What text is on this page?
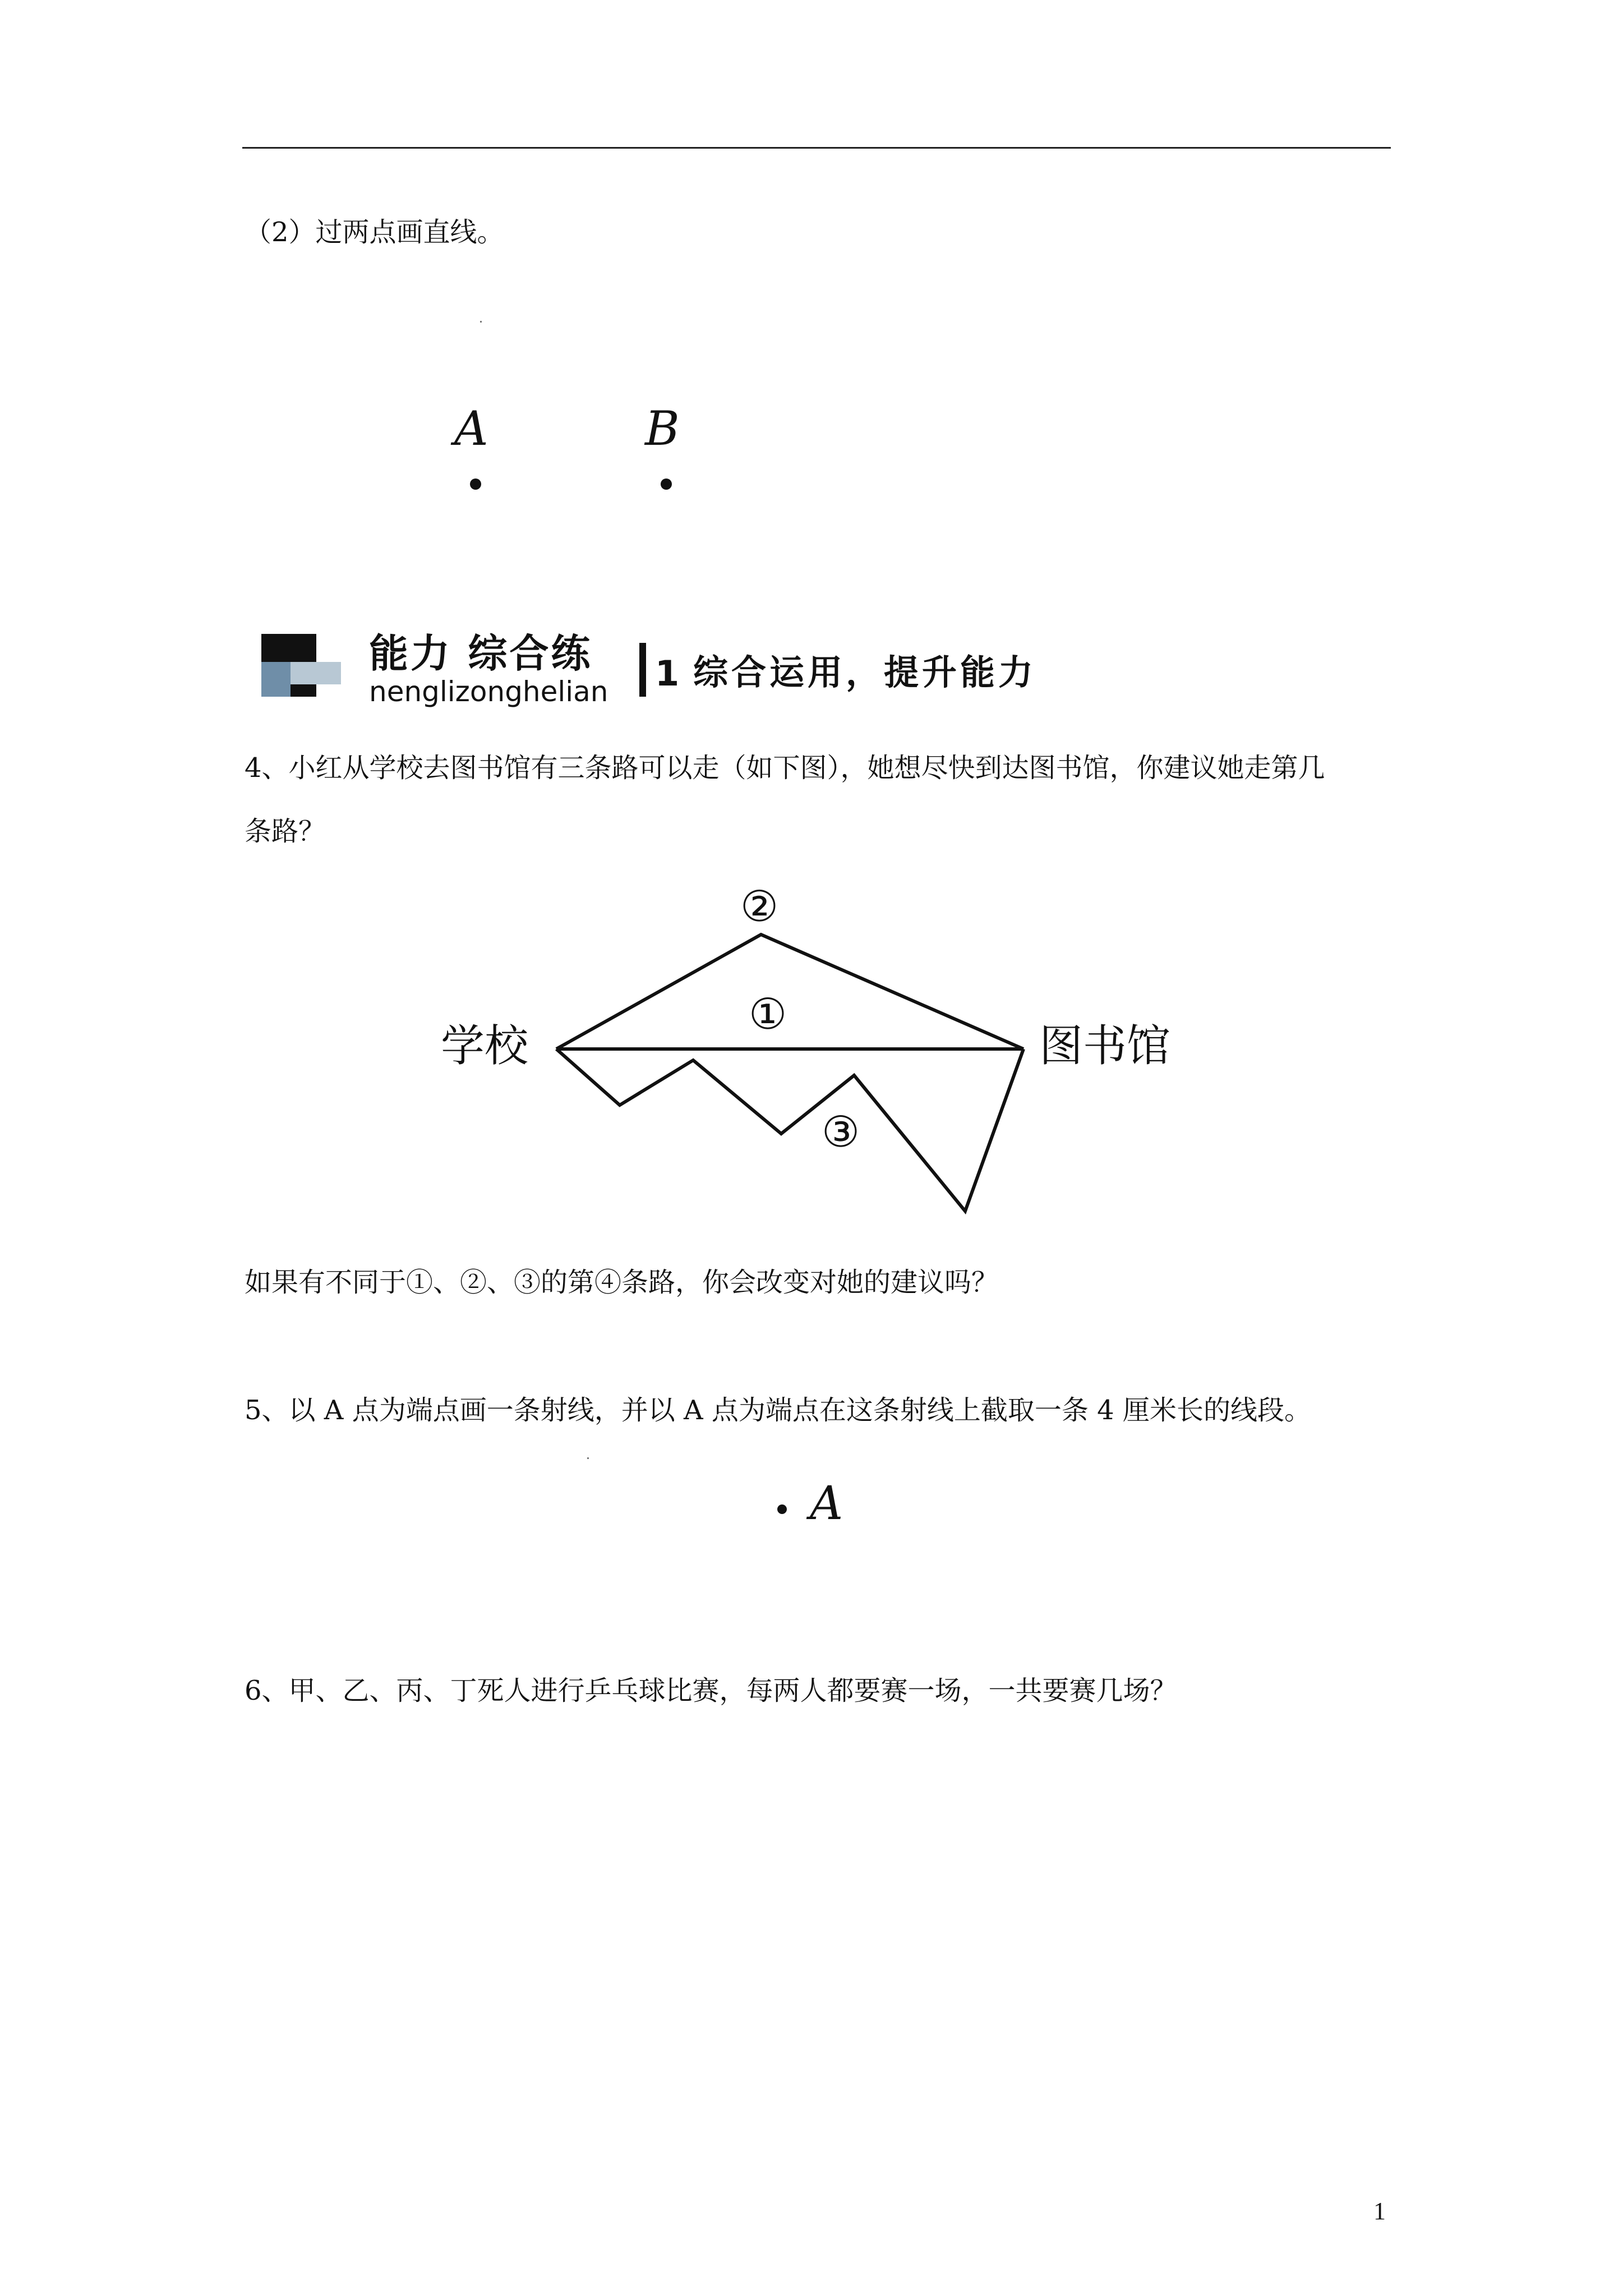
（2）过两点画直线。
A	B
能力 综合练
nenglizonghelian 1 综合运用，提升能力
4、小红从学校去图书馆有三条路可以走（如下图），她想尽快到达图书馆，你建议她走第几
条路？
学校	图书馆
①
②
③
如果有不同于①、②、③的第④条路，你会改变对她的建议吗？
5、以 A 点为端点画一条射线，并以 A 点为端点在这条射线上截取一条 4 厘米长的线段。
A
6、甲、乙、丙、丁死人进行乒乓球比赛，每两人都要赛一场，一共要赛几场？
1
